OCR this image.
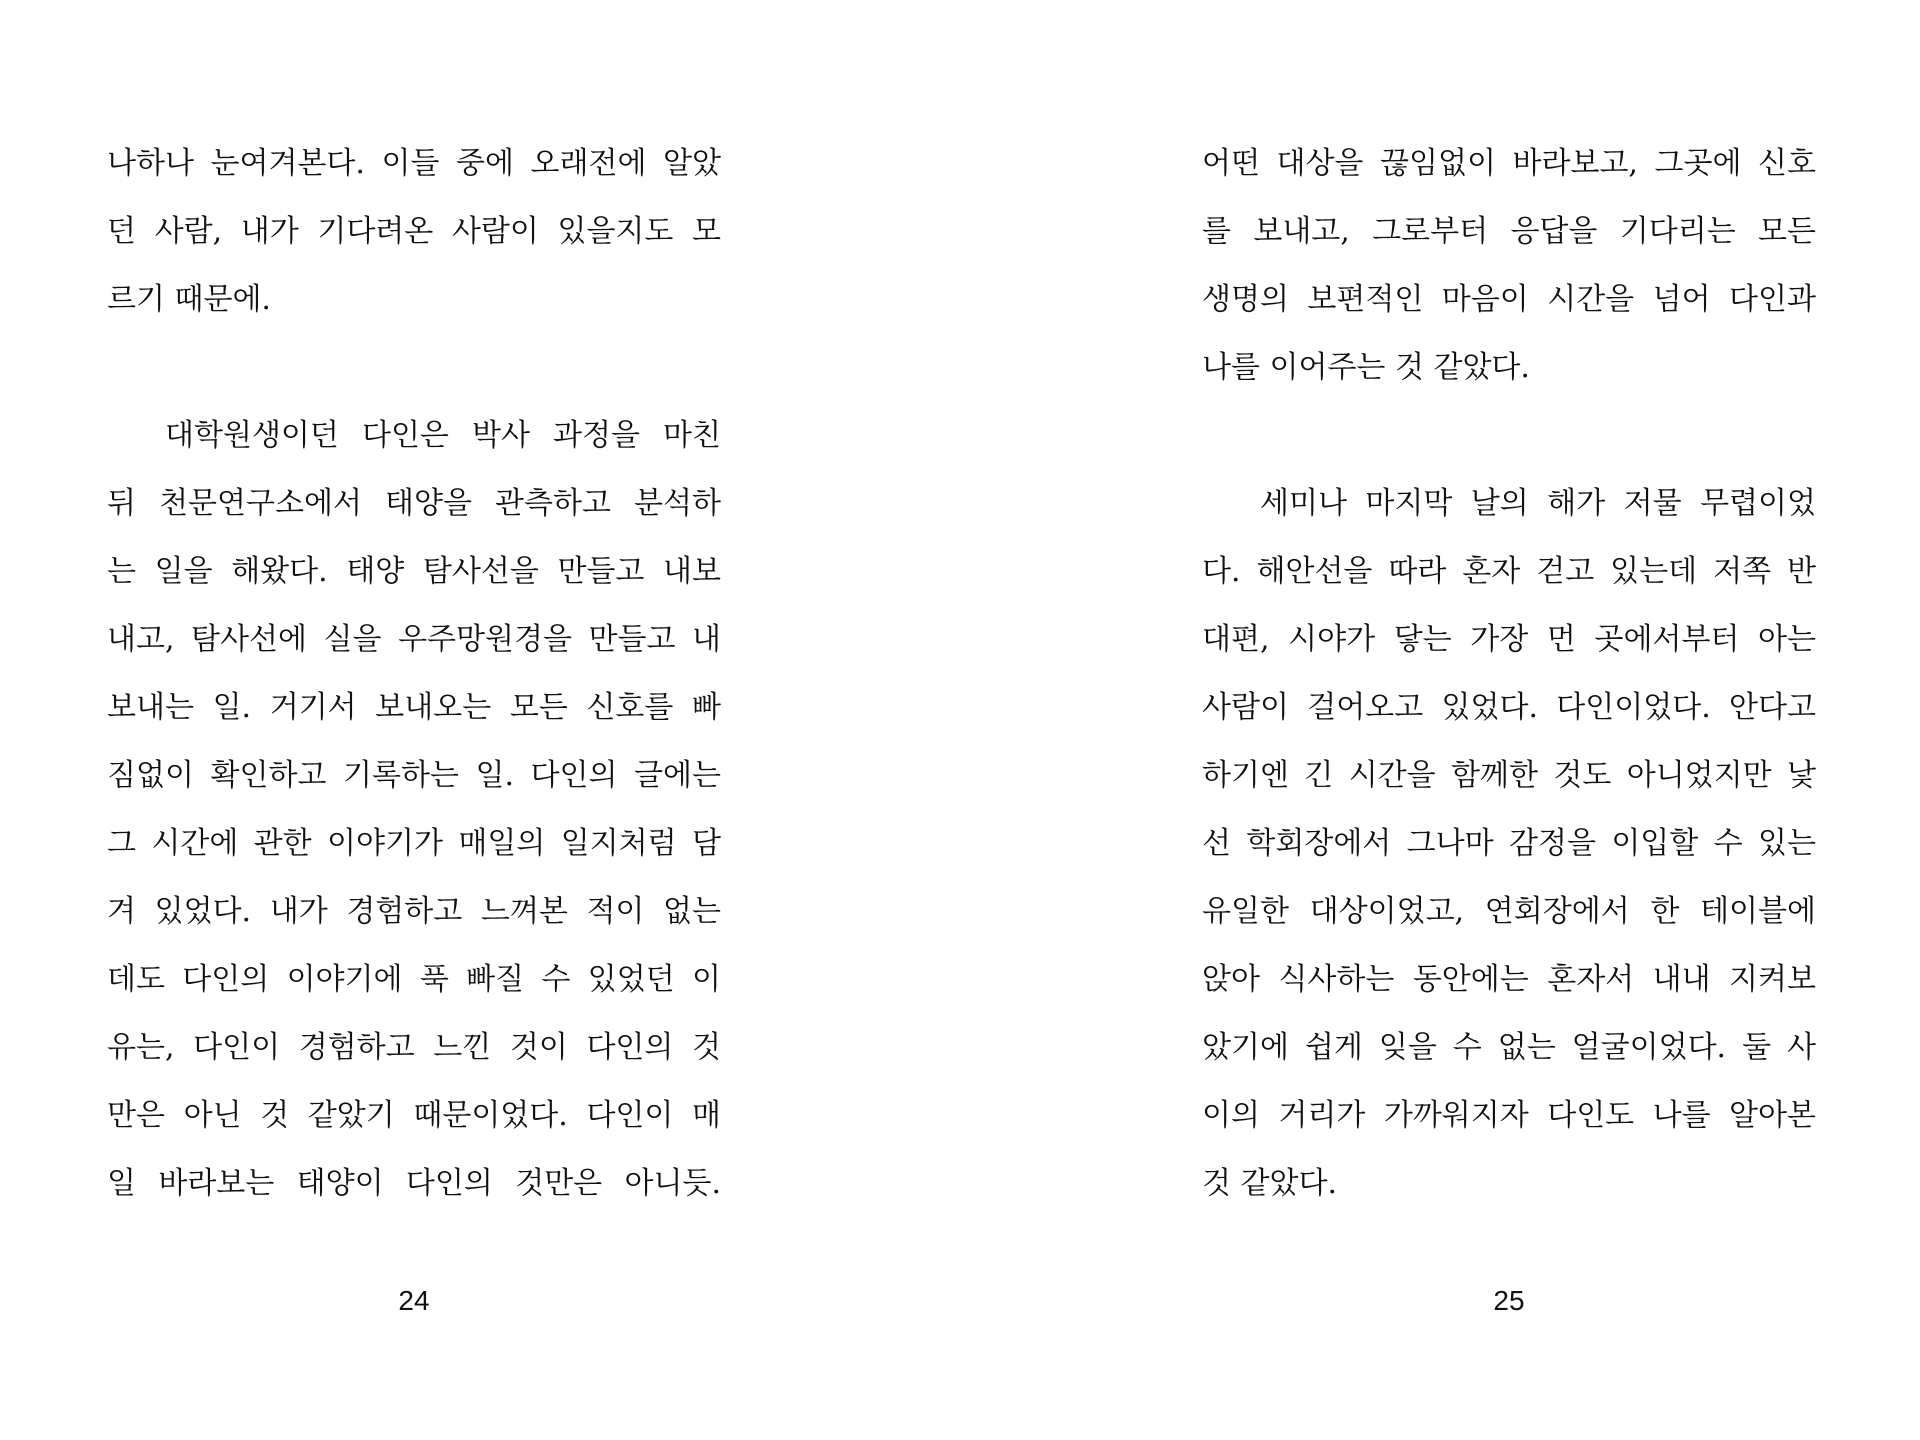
나하나 눈여겨본다. 이들 중에 오래전에 알았
던 사람, 내가 기다려온 사람이 있을지도 모
르기 때문에.
대학원생이던 다인은 박사 과정을 마친
뒤 천문연구소에서 태양을 관측하고 분석하
는 일을 해왔다. 태양 탐사선을 만들고 내보
내고, 탐사선에 실을 우주망원경을 만들고 내
보내는 일. 거기서 보내오는 모든 신호를 빠
짐없이 확인하고 기록하는 일. 다인의 글에는
그 시간에 관한 이야기가 매일의 일지처럼 담
겨 있었다. 내가 경험하고 느껴본 적이 없는
데도 다인의 이야기에 푹 빠질 수 있었던 이
유는, 다인이 경험하고 느낀 것이 다인의 것
만은 아닌 것 같았기 때문이었다. 다인이 매
일 바라보는 태양이 다인의 것만은 아니듯.
24
어떤 대상을 끊임없이 바라보고, 그곳에 신호
를 보내고, 그로부터 응답을 기다리는 모든
생명의 보편적인 마음이 시간을 넘어 다인과
나를 이어주는 것 같았다.
세미나 마지막 날의 해가 저물 무렵이었
다. 해안선을 따라 혼자 걷고 있는데 저쪽 반
대편, 시야가 닿는 가장 먼 곳에서부터 아는
사람이 걸어오고 있었다. 다인이었다. 안다고
하기엔 긴 시간을 함께한 것도 아니었지만 낯
선 학회장에서 그나마 감정을 이입할 수 있는
유일한 대상이었고, 연회장에서 한 테이블에
앉아 식사하는 동안에는 혼자서 내내 지켜보
았기에 쉽게 잊을 수 없는 얼굴이었다. 둘 사
이의 거리가 가까워지자 다인도 나를 알아본
것 같았다.
25
